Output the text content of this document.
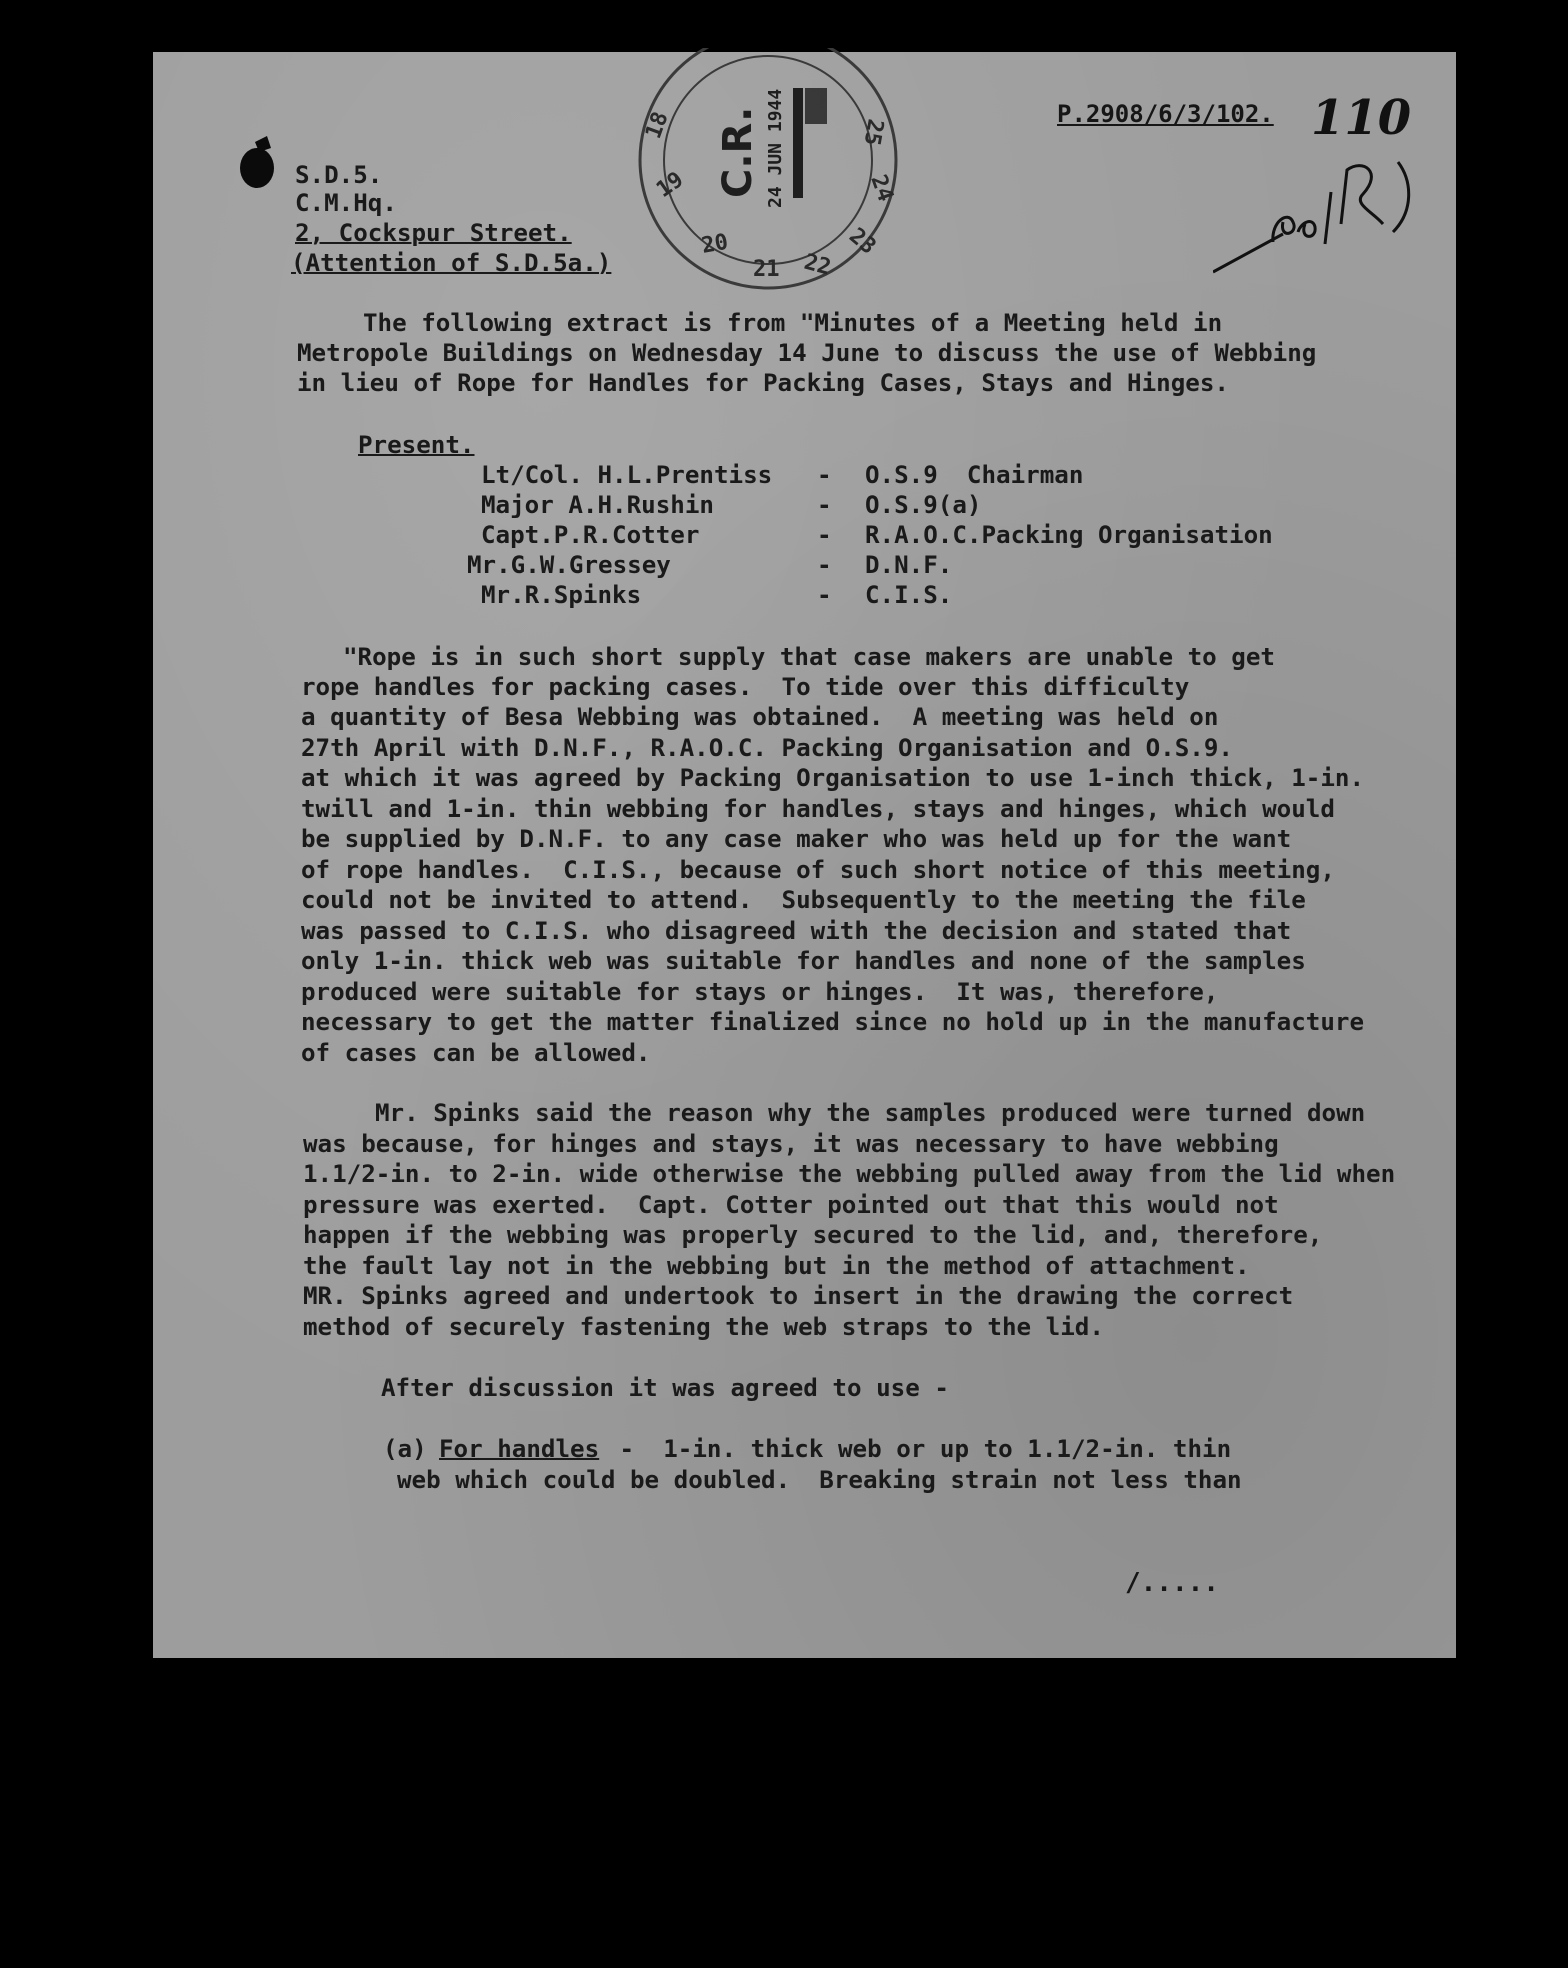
18
19
20
21 22
23
24
25
C.R. 24 JUN 1944	P.2908/6/3/102. 110
S.D.5.
C.M.Hq.
2, Cockspur Street.
(Attention of S.D.5a.)
The following extract is from "Minutes of a Meeting held in
Metropole Buildings on Wednesday 14 June to discuss the use of Webbing
in lieu of Rope for Handles for Packing Cases, Stays and Hinges.
Present.
Lt/Col. H.L.Prentiss - O.S.9  Chairman
Major A.H.Rushin	- O.S.9(a)
Capt.P.R.Cotter	- R.A.O.C.Packing Organisation
Mr.G.W.Gressey	- D.N.F.
Mr.R.Spinks	- C.I.S.
"Rope is in such short supply that case makers are unable to get
rope handles for packing cases.  To tide over this difficulty
a quantity of Besa Webbing was obtained.  A meeting was held on
27th April with D.N.F., R.A.O.C. Packing Organisation and O.S.9.
at which it was agreed by Packing Organisation to use 1-inch thick, 1-in.
twill and 1-in. thin webbing for handles, stays and hinges, which would
be supplied by D.N.F. to any case maker who was held up for the want
of rope handles.  C.I.S., because of such short notice of this meeting,
could not be invited to attend.  Subsequently to the meeting the file
was passed to C.I.S. who disagreed with the decision and stated that
only 1-in. thick web was suitable for handles and none of the samples
produced were suitable for stays or hinges.  It was, therefore,
necessary to get the matter finalized since no hold up in the manufacture
of cases can be allowed.
Mr. Spinks said the reason why the samples produced were turned down
was because, for hinges and stays, it was necessary to have webbing
1.1/2-in. to 2-in. wide otherwise the webbing pulled away from the lid when
pressure was exerted.  Capt. Cotter pointed out that this would not
happen if the webbing was properly secured to the lid, and, therefore,
the fault lay not in the webbing but in the method of attachment.
MR. Spinks agreed and undertook to insert in the drawing the correct
method of securely fastening the web straps to the lid.
After discussion it was agreed to use -
(a) For handles -  1-in. thick web or up to 1.1/2-in. thin
web which could be doubled.  Breaking strain not less than
/.....
